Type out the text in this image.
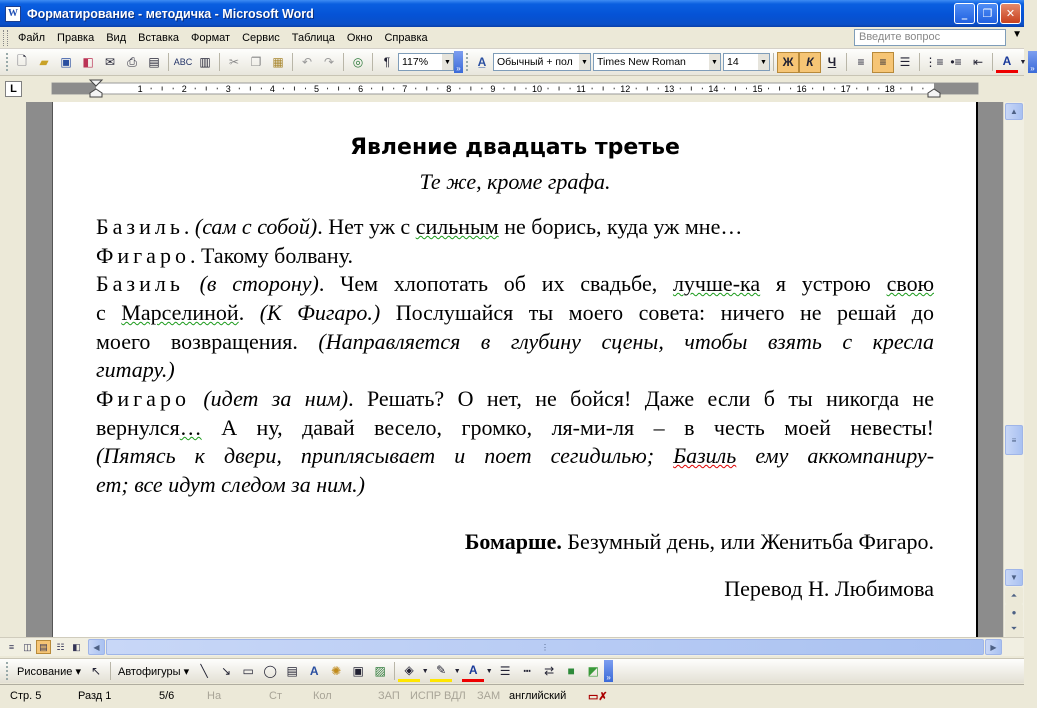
W Форматирование - методичка - Microsoft Word	_	❐	✕
Файл	Правка	Вид	Вставка	Формат	Сервис	Таблица	Окно	Справка	Введите вопрос	▼
🗋	▰ ▣ ◧ ✉	⎙ ▤	ABC ▥	✂ ❐ ▦	↶ ↷	◎	¶	117% ▼
»	A̲	Обычный + пол ▼ Times New Roman	▼ 14	▼	Ж	К	Ч	≡	≡	☰	⋮≡ •≡ ⇤	A ▼
»
L	1	2	3	4	5	6	7	8	9	10	11	12	13	14	15	16	17	18
Явление двадцать третье
Те же, кроме графа.
Базиль. (сам с собой). Нет уж с сильным не борись, куда уж мне…
Фигаро. Такому болвану.
Базиль (в сторону). Чем хлопотать об их свадьбе, лучше-ка я устрою свою
с Марселиной. (К Фигаро.) Послушайся ты моего совета: ничего не решай до
моего возвращения. (Направляется в глубину сцены, чтобы взять с кресла
гитару.)
Фигаро (идет за ним). Решать? О нет, не бойся! Даже если б ты никогда не
вернулся… А ну, давай весело, громко, ля-ми-ля – в честь моей невесты!
(Пятясь к двери, приплясывает и поет сегидилью; Базиль ему аккомпаниру-
ет; все идут следом за ним.)
Бомарше. Безумный день, или Женитьба Фигаро.
Перевод Н. Любимова
▲
≡
▼
⏶
●
⏷
≡	◫ ▤ ☷ ◧	◀	⋮	▶
Рисование ▾ ↖	Автофигуры ▾ ╲	↘ ▭ ◯ ▤ A	✺ ▣ ▨	◈	▼ ✎	▼ A	▼ ☰	┅	⇄	■	◩ »
Стр. 5	Разд 1	5/6	На	Ст	Кол	ЗАП ИСПР ВДЛ ЗАМ английский ▭✗
